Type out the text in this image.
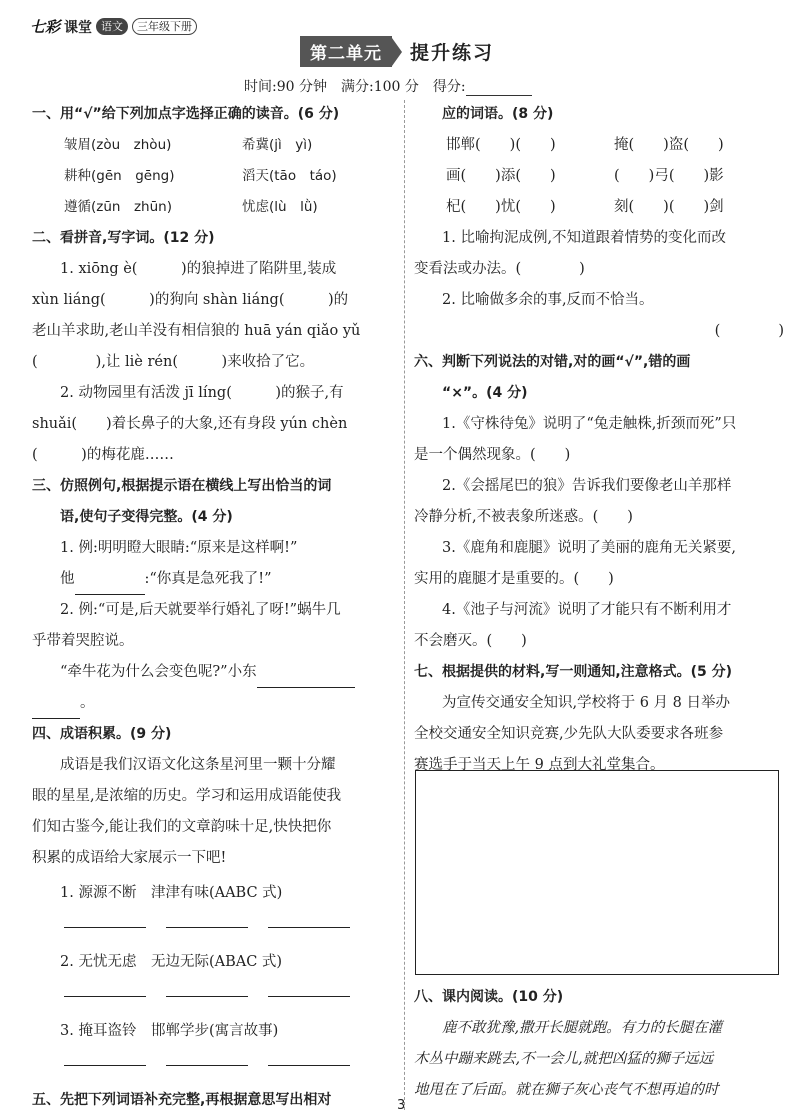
七彩 课堂 语文	三年级下册
第二单元	提升练习
时间:90 分钟　满分:100 分　得分:

一、用“√”给下列加点字选择正确的读音。(6 分)

皱眉(zòu　zhòu)	希冀(jì　yì)

耕种(gēn　gēng)	滔天(tāo　táo)

遵循(zūn　zhūn)	忧虑(lù　lǜ)

二、看拼音,写字词。(12 分)

1. xiōng è(　　　)的狼掉进了陷阱里,装成

xùn liáng(　　　)的狗向 shàn liáng(　　　)的

老山羊求助,老山羊没有相信狼的 huā yán qiǎo yǔ

(　　　　),让 liè rén(　　　)来收拾了它。

2. 动物园里有活泼 jī líng(　　　)的猴子,有

shuǎi(　　)着长鼻子的大象,还有身段 yún chèn

(　　　)的梅花鹿……

三、仿照例句,根据提示语在横线上写出恰当的词

语,使句子变得完整。(4 分)

1. 例:明明瞪大眼睛:“原来是这样啊!”

他	:“你真是急死我了!”

2. 例:“可是,后天就要举行婚礼了呀!”蜗牛几

乎带着哭腔说。

“牵牛花为什么会变色呢?”小东

。

四、成语积累。(9 分)

成语是我们汉语文化这条星河里一颗十分耀

眼的星星,是浓缩的历史。学习和运用成语能使我

们知古鉴今,能让我们的文章韵味十足,快快把你

积累的成语给大家展示一下吧!

1. 源源不断　津津有味(AABC 式)

2. 无忧无虑　无边无际(ABAC 式)

3. 掩耳盗铃　邯郸学步(寓言故事)

五、先把下列词语补充完整,再根据意思写出相对

应的词语。(8 分)

邯郸(　　)(　　)	掩(　　)盗(　　)

画(　　)添(　　)	(　　)弓(　　)影

杞(　　)忧(　　)	刻(　　)(　　)剑

1. 比喻拘泥成例,不知道跟着情势的变化而改

变看法或办法。(　　　　)

2. 比喻做多余的事,反而不恰当。

(　　　　)

六、判断下列说法的对错,对的画“√”,错的画

“×”。(4 分)

1.《守株待兔》说明了“兔走触株,折颈而死”只

是一个偶然现象。(　　)

2.《会摇尾巴的狼》告诉我们要像老山羊那样

冷静分析,不被表象所迷惑。(　　)

3.《鹿角和鹿腿》说明了美丽的鹿角无关紧要,

实用的鹿腿才是重要的。(　　)

4.《池子与河流》说明了才能只有不断利用才

不会磨灭。(　　)

七、根据提供的材料,写一则通知,注意格式。(5 分)

为宣传交通安全知识,学校将于 6 月 8 日举办

全校交通安全知识竞赛,少先队大队委要求各班参

赛选手于当天上午 9 点到大礼堂集合。

八、课内阅读。(10 分)

鹿不敢犹豫,撒开长腿就跑。有力的长腿在灌

木丛中蹦来跳去,不一会儿,就把凶猛的狮子远远

地甩在了后面。就在狮子灰心丧气不想再追的时

3
